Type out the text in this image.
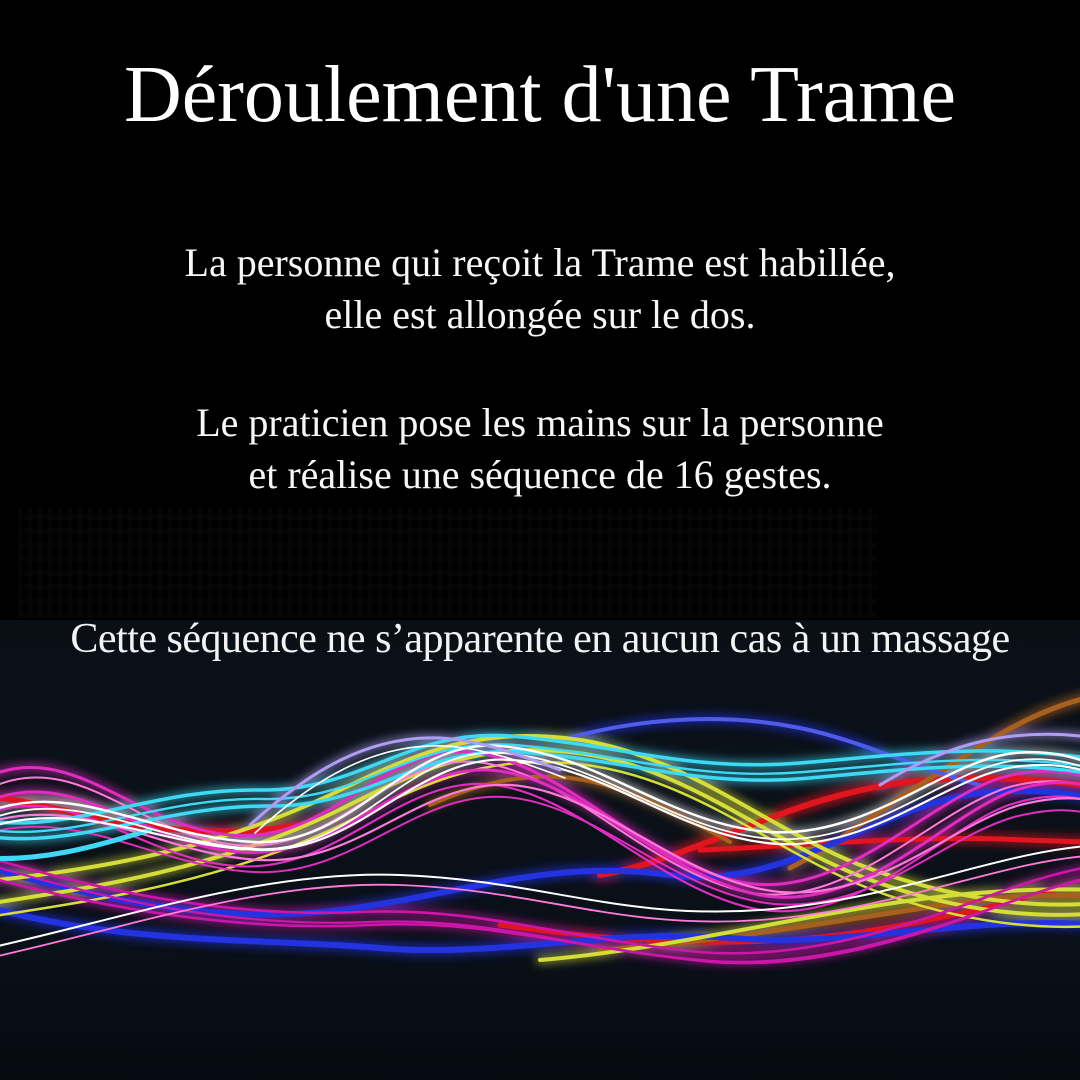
Déroulement d'une Trame

La personne qui reçoit la Trame est habillée,
elle est allongée sur le dos.

Le praticien pose les mains sur la personne
et réalise une séquence de 16 gestes.

Cette séquence ne s’apparente en aucun cas à un massage
